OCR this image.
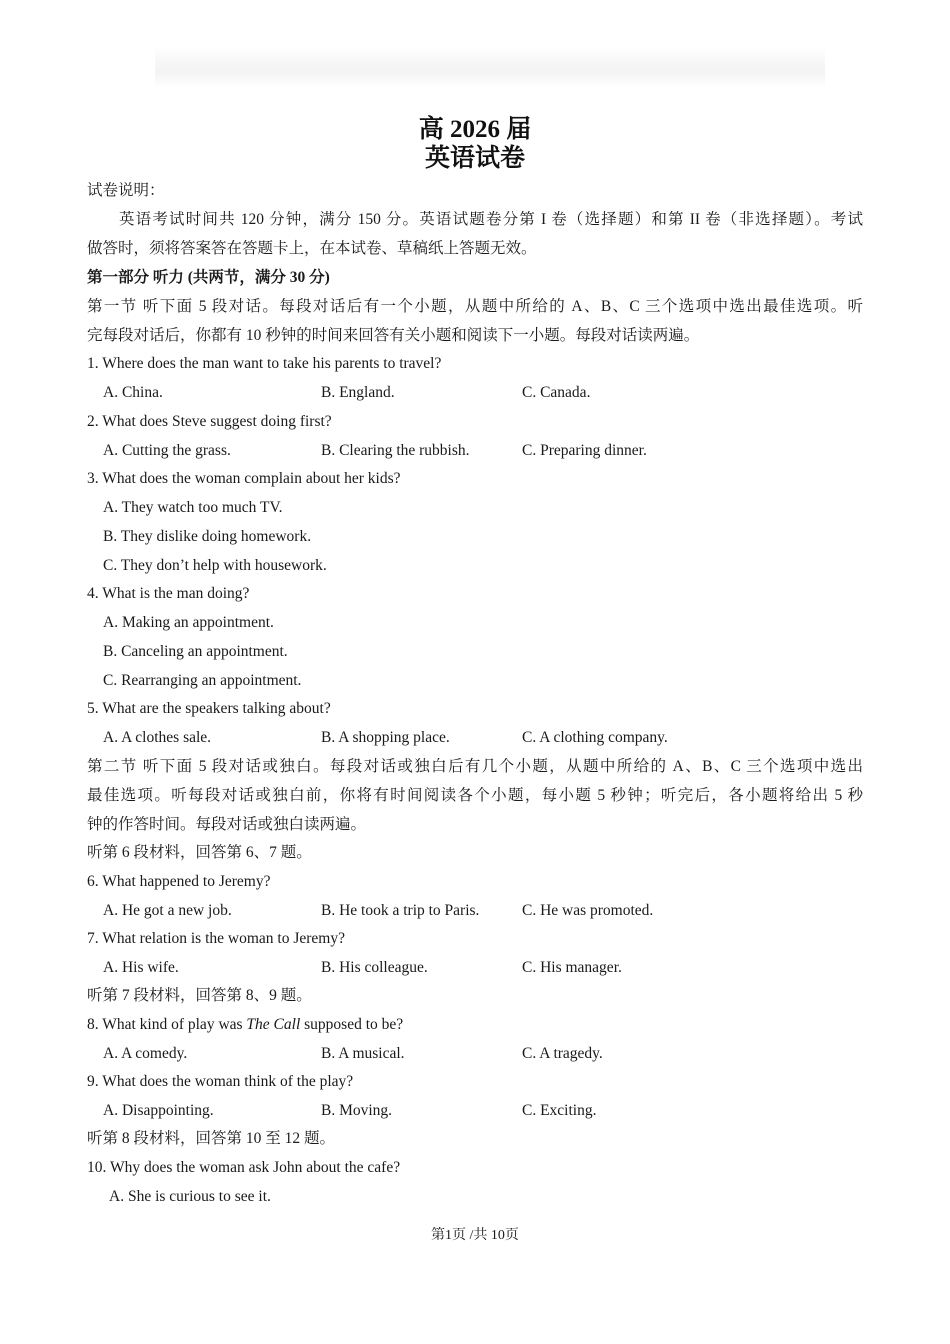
高 2026 届
英语试卷
试卷说明：
英语考试时间共 120 分钟，满分 150 分。英语试题卷分第 I 卷（选择题）和第 II 卷（非选择题）。考试
做答时，须将答案答在答题卡上，在本试卷、草稿纸上答题无效。
第一部分 听力 (共两节，满分 30 分)
第一节 听下面 5 段对话。每段对话后有一个小题，从题中所给的 A、B、C 三个选项中选出最佳选项。听
完每段对话后，你都有 10 秒钟的时间来回答有关小题和阅读下一小题。每段对话读两遍。
1. Where does the man want to take his parents to travel?
A. China.	B. England.	C. Canada.
2. What does Steve suggest doing first?
A. Cutting the grass.	B. Clearing the rubbish.	C. Preparing dinner.
3. What does the woman complain about her kids?
A. They watch too much TV.
B. They dislike doing homework.
C. They don’t help with housework.
4. What is the man doing?
A. Making an appointment.
B. Canceling an appointment.
C. Rearranging an appointment.
5. What are the speakers talking about?
A. A clothes sale.	B. A shopping place.	C. A clothing company.
第二节 听下面 5 段对话或独白。每段对话或独白后有几个小题，从题中所给的 A、B、C 三个选项中选出
最佳选项。听每段对话或独白前，你将有时间阅读各个小题，每小题 5 秒钟；听完后，各小题将给出 5 秒
钟的作答时间。每段对话或独白读两遍。
听第 6 段材料，回答第 6、7 题。
6. What happened to Jeremy?
A. He got a new job.	B. He took a trip to Paris.	C. He was promoted.
7. What relation is the woman to Jeremy?
A. His wife.	B. His colleague.	C. His manager.
听第 7 段材料，回答第 8、9 题。
8. What kind of play was The Call supposed to be?
A. A comedy.	B. A musical.	C. A tragedy.
9. What does the woman think of the play?
A. Disappointing.	B. Moving.	C. Exciting.
听第 8 段材料，回答第 10 至 12 题。
10. Why does the woman ask John about the cafe?
A. She is curious to see it.
第1页 /共 10页
